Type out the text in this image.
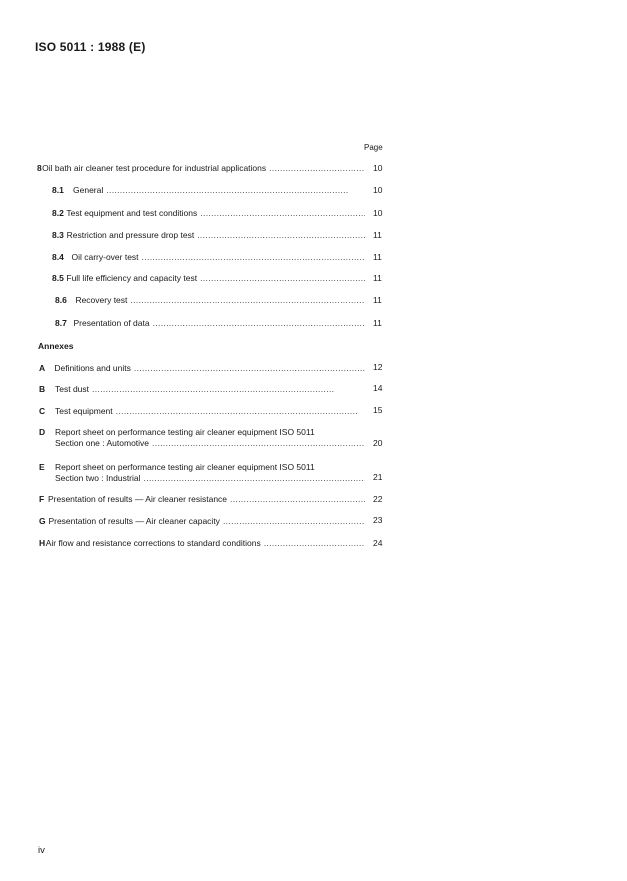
ISO 5011 : 1988 (E)
Page
8 Oil bath air cleaner test procedure for industrial applications . . .	10
8.1	General . . .	10
8.2 Test equipment and test conditions . . .	10
8.3 Restriction and pressure drop test . . .	11
8.4 Oil carry-over test . . .	11
8.5 Full life efficiency and capacity test . . .	11
8.6	Recovery test . . .	11
8.7 Presentation of data . . .	11
Annexes
A	Definitions and units . . .	12
B	Test dust . . .	14
C	Test equipment . . .	15
D	Report sheet on performance testing air cleaner equipment ISO 5011
Section one : Automotive . . .	20
E	Report sheet on performance testing air cleaner equipment ISO 5011
Section two : Industrial . . .	21
F Presentation of results — Air cleaner resistance . . .	22
G Presentation of results — Air cleaner capacity . . .	23
H Air flow and resistance corrections to standard conditions . . .	24
iv
